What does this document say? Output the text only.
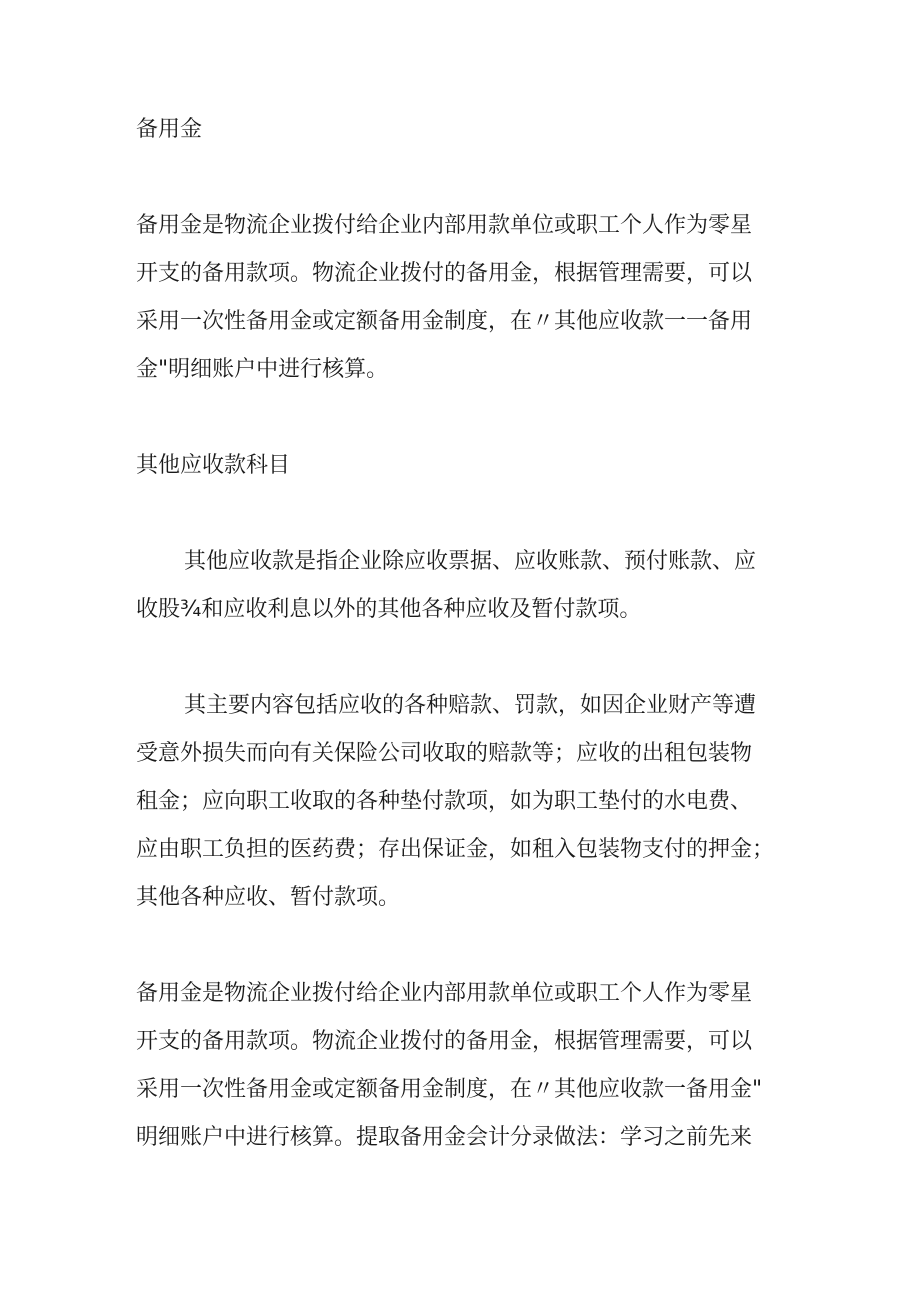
备用金
备用金是物流企业拨付给企业内部用款单位或职工个人作为零星
开支的备用款项。物流企业拨付的备用金，根据管理需要，可以
采用一次性备用金或定额备用金制度，在〃其他应收款一一备用
金"明细账户中进行核算。
其他应收款科目
其他应收款是指企业除应收票据、应收账款、预付账款、应
收股¾和应收利息以外的其他各种应收及暂付款项。
其主要内容包括应收的各种赔款、罚款，如因企业财产等遭
受意外损失而向有关保险公司收取的赔款等；应收的出租包装物
租金；应向职工收取的各种垫付款项，如为职工垫付的水电费、
应由职工负担的医药费；存出保证金，如租入包装物支付的押金；
其他各种应收、暂付款项。
备用金是物流企业拨付给企业内部用款单位或职工个人作为零星
开支的备用款项。物流企业拨付的备用金，根据管理需要，可以
采用一次性备用金或定额备用金制度，在〃其他应收款一备用金"
明细账户中进行核算。提取备用金会计分录做法：学习之前先来
